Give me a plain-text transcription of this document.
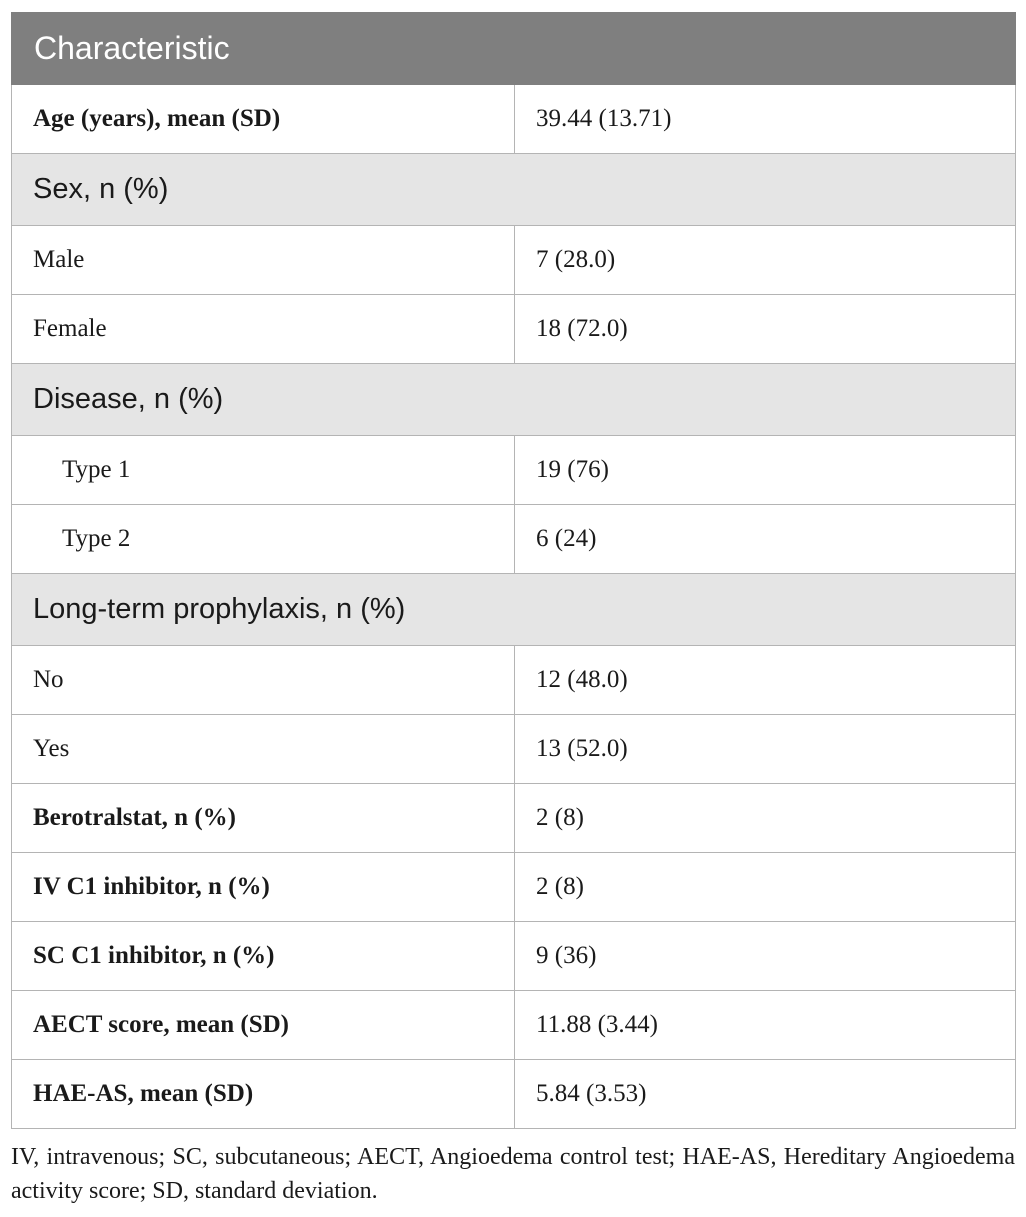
Characteristic	
Age (years), mean (SD)	39.44 (13.71)
Sex, n (%)	
Male	7 (28.0)
Female	18 (72.0)
Disease, n (%)	
Type 1	19 (76)
Type 2	6 (24)
Long-term prophylaxis, n (%)	
No	12 (48.0)
Yes	13 (52.0)
Berotralstat, n (%)	2 (8)
IV C1 inhibitor, n (%)	2 (8)
SC C1 inhibitor, n (%)	9 (36)
AECT score, mean (SD)	11.88 (3.44)
HAE-AS, mean (SD)	5.84 (3.53)
IV, intravenous; SC, subcutaneous; AECT, Angioedema control test; HAE-AS, Hereditary Angioedema activity score; SD, standard deviation.
